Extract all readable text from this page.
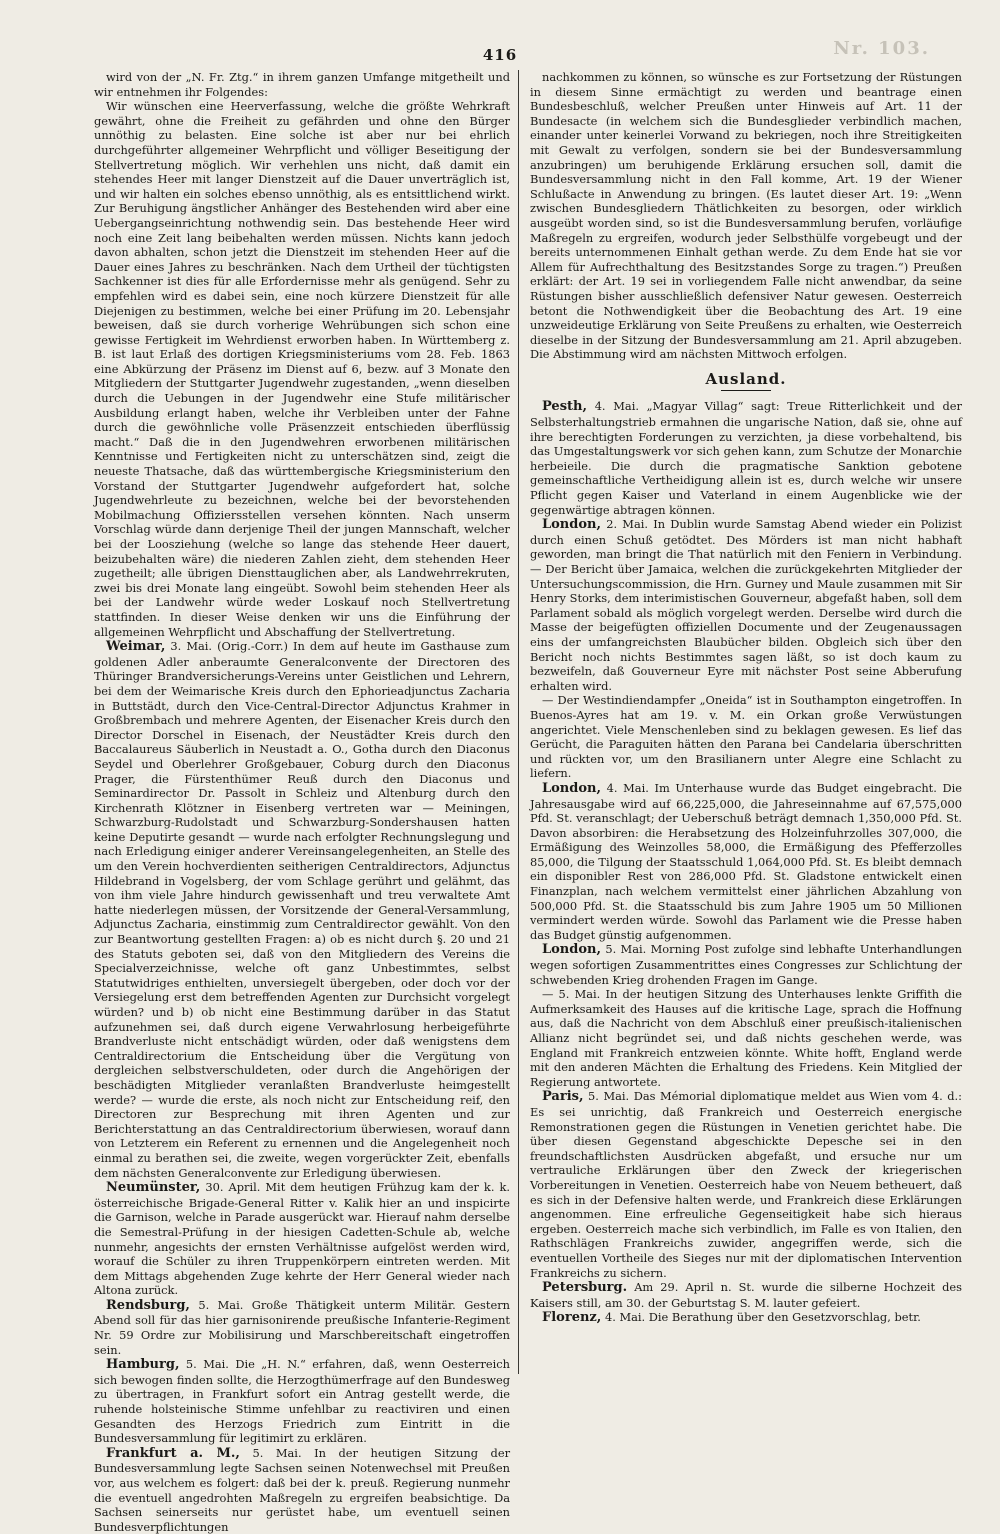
Nr. 103.
416

wird von der „N. Fr. Ztg.“ in ihrem ganzen Umfange mitgetheilt und wir entnehmen ihr Folgendes:

Wir wünschen eine Heerverfassung, welche die größte Wehrkraft gewährt, ohne die Freiheit zu gefährden und ohne den Bürger unnöthig zu belasten. Eine solche ist aber nur bei ehrlich durchgeführter allgemeiner Wehrpflicht und völliger Beseitigung der Stellvertretung möglich. Wir verhehlen uns nicht, daß damit ein stehendes Heer mit langer Dienstzeit auf die Dauer unverträglich ist, und wir halten ein solches ebenso unnöthig, als es entsittlichend wirkt. Zur Beruhigung ängstlicher Anhänger des Bestehenden wird aber eine Uebergangseinrichtung nothwendig sein. Das bestehende Heer wird noch eine Zeit lang beibehalten werden müssen. Nichts kann jedoch davon abhalten, schon jetzt die Dienstzeit im stehenden Heer auf die Dauer eines Jahres zu beschränken. Nach dem Urtheil der tüchtigsten Sachkenner ist dies für alle Erfordernisse mehr als genügend. Sehr zu empfehlen wird es dabei sein, eine noch kürzere Dienstzeit für alle Diejenigen zu bestimmen, welche bei einer Prüfung im 20. Lebensjahr beweisen, daß sie durch vorherige Wehrübungen sich schon eine gewisse Fertigkeit im Wehrdienst erworben haben. In Württemberg z. B. ist laut Erlaß des dortigen Kriegsministeriums vom 28. Feb. 1863 eine Abkürzung der Präsenz im Dienst auf 6, bezw. auf 3 Monate den Mitgliedern der Stuttgarter Jugendwehr zugestanden, „wenn dieselben durch die Uebungen in der Jugendwehr eine Stufe militärischer Ausbildung erlangt haben, welche ihr Verbleiben unter der Fahne durch die gewöhnliche volle Präsenzzeit entschieden überflüssig macht.“ Daß die in den Jugendwehren erworbenen militärischen Kenntnisse und Fertigkeiten nicht zu unterschätzen sind, zeigt die neueste Thatsache, daß das württembergische Kriegsministerium den Vorstand der Stuttgarter Jugendwehr aufgefordert hat, solche Jugendwehrleute zu bezeichnen, welche bei der bevorstehenden Mobilmachung Offiziersstellen versehen könnten. Nach unserm Vorschlag würde dann derjenige Theil der jungen Mannschaft, welcher bei der Loosziehung (welche so lange das stehende Heer dauert, beizubehalten wäre) die niederen Zahlen zieht, dem stehenden Heer zugetheilt; alle übrigen Diensttauglichen aber, als Landwehrrekruten, zwei bis drei Monate lang eingeübt. Sowohl beim stehenden Heer als bei der Landwehr würde weder Loskauf noch Stellvertretung stattfinden. In dieser Weise denken wir uns die Einführung der allgemeinen Wehrpflicht und Abschaffung der Stellvertretung.

Weimar, 3. Mai. (Orig.-Corr.) In dem auf heute im Gasthause zum goldenen Adler anberaumte Generalconvente der Directoren des Thüringer Brandversicherungs-Vereins unter Geistlichen und Lehrern, bei dem der Weimarische Kreis durch den Ephorieadjunctus Zacharia in Buttstädt, durch den Vice-Central-Director Adjunctus Krahmer in Großbrembach und mehrere Agenten, der Eisenacher Kreis durch den Director Dorschel in Eisenach, der Neustädter Kreis durch den Baccalaureus Säuberlich in Neustadt a. O., Gotha durch den Diaconus Seydel und Oberlehrer Großgebauer, Coburg durch den Diaconus Prager, die Fürstenthümer Reuß durch den Diaconus und Seminardirector Dr. Passolt in Schleiz und Altenburg durch den Kirchenrath Klötzner in Eisenberg vertreten war — Meiningen, Schwarzburg-Rudolstadt und Schwarzburg-Sondershausen hatten keine Deputirte gesandt — wurde nach erfolgter Rechnungslegung und nach Erledigung einiger anderer Vereinsangelegenheiten, an Stelle des um den Verein hochverdienten seitherigen Centraldirectors, Adjunctus Hildebrand in Vogelsberg, der vom Schlage gerührt und gelähmt, das von ihm viele Jahre hindurch gewissenhaft und treu verwaltete Amt hatte niederlegen müssen, der Vorsitzende der General-Versammlung, Adjunctus Zacharia, einstimmig zum Centraldirector gewählt. Von den zur Beantwortung gestellten Fragen: a) ob es nicht durch §. 20 und 21 des Statuts geboten sei, daß von den Mitgliedern des Vereins die Specialverzeichnisse, welche oft ganz Unbestimmtes, selbst Statutwidriges enthielten, unversiegelt übergeben, oder doch vor der Versiegelung erst dem betreffenden Agenten zur Durchsicht vorgelegt würden? und b) ob nicht eine Bestimmung darüber in das Statut aufzunehmen sei, daß durch eigene Verwahrlosung herbeigeführte Brandverluste nicht entschädigt würden, oder daß wenigstens dem Centraldirectorium die Entscheidung über die Vergütung von dergleichen selbstverschuldeten, oder durch die Angehörigen der beschädigten Mitglieder veranlaßten Brandverluste heimgestellt werde? — wurde die erste, als noch nicht zur Entscheidung reif, den Directoren zur Besprechung mit ihren Agenten und zur Berichterstattung an das Centraldirectorium überwiesen, worauf dann von Letzterem ein Referent zu ernennen und die Angelegenheit noch einmal zu berathen sei, die zweite, wegen vorgerückter Zeit, ebenfalls dem nächsten Generalconvente zur Erledigung überwiesen.

Neumünster, 30. April. Mit dem heutigen Frühzug kam der k. k. österreichische Brigade-General Ritter v. Kalik hier an und inspicirte die Garnison, welche in Parade ausgerückt war. Hierauf nahm derselbe die Semestral-Prüfung in der hiesigen Cadetten-Schule ab, welche nunmehr, angesichts der ernsten Verhältnisse aufgelöst werden wird, worauf die Schüler zu ihren Truppenkörpern eintreten werden. Mit dem Mittags abgehenden Zuge kehrte der Herr General wieder nach Altona zurück.

Rendsburg, 5. Mai. Große Thätigkeit unterm Militär. Gestern Abend soll für das hier garnisonirende preußische Infanterie-Regiment Nr. 59 Ordre zur Mobilisirung und Marschbereitschaft eingetroffen sein.

Hamburg, 5. Mai. Die „H. N.“ erfahren, daß, wenn Oesterreich sich bewogen finden sollte, die Herzogthümerfrage auf den Bundesweg zu übertragen, in Frankfurt sofort ein Antrag gestellt werde, die ruhende holsteinische Stimme unfehlbar zu reactiviren und einen Gesandten des Herzogs Friedrich zum Eintritt in die Bundesversammlung für legitimirt zu erklären.

Frankfurt a. M., 5. Mai. In der heutigen Sitzung der Bundesversammlung legte Sachsen seinen Notenwechsel mit Preußen vor, aus welchem es folgert: daß bei der k. preuß. Regierung nunmehr die eventuell angedrohten Maßregeln zu ergreifen beabsichtige. Da Sachsen seinerseits nur gerüstet habe, um eventuell seinen Bundesverpflichtungen

nachkommen zu können, so wünsche es zur Fortsetzung der Rüstungen in diesem Sinne ermächtigt zu werden und beantrage einen Bundesbeschluß, welcher Preußen unter Hinweis auf Art. 11 der Bundesacte (in welchem sich die Bundesglieder verbindlich machen, einander unter keinerlei Vorwand zu bekriegen, noch ihre Streitigkeiten mit Gewalt zu verfolgen, sondern sie bei der Bundesversammlung anzubringen) um beruhigende Erklärung ersuchen soll, damit die Bundesversammlung nicht in den Fall komme, Art. 19 der Wiener Schlußacte in Anwendung zu bringen. (Es lautet dieser Art. 19: „Wenn zwischen Bundesgliedern Thätlichkeiten zu besorgen, oder wirklich ausgeübt worden sind, so ist die Bundesversammlung berufen, vorläufige Maßregeln zu ergreifen, wodurch jeder Selbsthülfe vorgebeugt und der bereits unternommenen Einhalt gethan werde. Zu dem Ende hat sie vor Allem für Aufrechthaltung des Besitzstandes Sorge zu tragen.“) Preußen erklärt: der Art. 19 sei in vorliegendem Falle nicht anwendbar, da seine Rüstungen bisher ausschließlich defensiver Natur gewesen. Oesterreich betont die Nothwendigkeit über die Beobachtung des Art. 19 eine unzweideutige Erklärung von Seite Preußens zu erhalten, wie Oesterreich dieselbe in der Sitzung der Bundesversammlung am 21. April abzugeben. Die Abstimmung wird am nächsten Mittwoch erfolgen.

Ausland.

Pesth, 4. Mai. „Magyar Villag“ sagt: Treue Ritterlichkeit und der Selbsterhaltungstrieb ermahnen die ungarische Nation, daß sie, ohne auf ihre berechtigten Forderungen zu verzichten, ja diese vorbehaltend, bis das Umgestaltungswerk vor sich gehen kann, zum Schutze der Monarchie herbeieile. Die durch die pragmatische Sanktion gebotene gemeinschaftliche Vertheidigung allein ist es, durch welche wir unsere Pflicht gegen Kaiser und Vaterland in einem Augenblicke wie der gegenwärtige abtragen können.

London, 2. Mai. In Dublin wurde Samstag Abend wieder ein Polizist durch einen Schuß getödtet. Des Mörders ist man nicht habhaft geworden, man bringt die That natürlich mit den Feniern in Verbindung. — Der Bericht über Jamaica, welchen die zurückgekehrten Mitglieder der Untersuchungscommission, die Hrn. Gurney und Maule zusammen mit Sir Henry Storks, dem interimistischen Gouverneur, abgefaßt haben, soll dem Parlament sobald als möglich vorgelegt werden. Derselbe wird durch die Masse der beigefügten offiziellen Documente und der Zeugenaussagen eins der umfangreichsten Blaubücher bilden. Obgleich sich über den Bericht noch nichts Bestimmtes sagen läßt, so ist doch kaum zu bezweifeln, daß Gouverneur Eyre mit nächster Post seine Abberufung erhalten wird.

— Der Westindiendampfer „Oneida“ ist in Southampton eingetroffen. In Buenos-Ayres hat am 19. v. M. ein Orkan große Verwüstungen angerichtet. Viele Menschenleben sind zu beklagen gewesen. Es lief das Gerücht, die Paraguiten hätten den Parana bei Candelaria überschritten und rückten vor, um den Brasilianern unter Alegre eine Schlacht zu liefern.

London, 4. Mai. Im Unterhause wurde das Budget eingebracht. Die Jahresausgabe wird auf 66,225,000, die Jahreseinnahme auf 67,575,000 Pfd. St. veranschlagt; der Ueberschuß beträgt demnach 1,350,000 Pfd. St. Davon absorbiren: die Herabsetzung des Holzeinfuhrzolles 307,000, die Ermäßigung des Weinzolles 58,000, die Ermäßigung des Pfefferzolles 85,000, die Tilgung der Staatsschuld 1,064,000 Pfd. St. Es bleibt demnach ein disponibler Rest von 286,000 Pfd. St. Gladstone entwickelt einen Finanzplan, nach welchem vermittelst einer jährlichen Abzahlung von 500,000 Pfd. St. die Staatsschuld bis zum Jahre 1905 um 50 Millionen vermindert werden würde. Sowohl das Parlament wie die Presse haben das Budget günstig aufgenommen.

London, 5. Mai. Morning Post zufolge sind lebhafte Unterhandlungen wegen sofortigen Zusammentrittes eines Congresses zur Schlichtung der schwebenden Krieg drohenden Fragen im Gange.

— 5. Mai. In der heutigen Sitzung des Unterhauses lenkte Griffith die Aufmerksamkeit des Hauses auf die kritische Lage, sprach die Hoffnung aus, daß die Nachricht von dem Abschluß einer preußisch-italienischen Allianz nicht begründet sei, und daß nichts geschehen werde, was England mit Frankreich entzweien könnte. White hofft, England werde mit den anderen Mächten die Erhaltung des Friedens. Kein Mitglied der Regierung antwortete.

Paris, 5. Mai. Das Mémorial diplomatique meldet aus Wien vom 4. d.: Es sei unrichtig, daß Frankreich und Oesterreich energische Remonstrationen gegen die Rüstungen in Venetien gerichtet habe. Die über diesen Gegenstand abgeschickte Depesche sei in den freundschaftlichsten Ausdrücken abgefaßt, und ersuche nur um vertrauliche Erklärungen über den Zweck der kriegerischen Vorbereitungen in Venetien. Oesterreich habe von Neuem betheuert, daß es sich in der Defensive halten werde, und Frankreich diese Erklärungen angenommen. Eine erfreuliche Gegenseitigkeit habe sich hieraus ergeben. Oesterreich mache sich verbindlich, im Falle es von Italien, den Rathschlägen Frankreichs zuwider, angegriffen werde, sich die eventuellen Vortheile des Sieges nur mit der diplomatischen Intervention Frankreichs zu sichern.

Petersburg. Am 29. April n. St. wurde die silberne Hochzeit des Kaisers still, am 30. der Geburtstag S. M. lauter gefeiert.

Florenz, 4. Mai. Die Berathung über den Gesetzvorschlag, betr.
